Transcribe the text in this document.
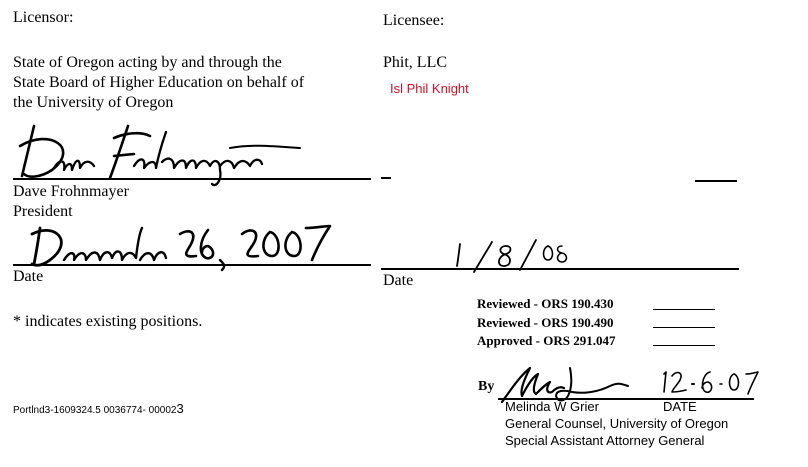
Licensor:
State of Oregon acting by and through the
State Board of Higher Education on behalf of
the University of Oregon
Dave Frohnmayer
President
Date
* indicates existing positions.
Portlnd3-1609324.5 0036774- 000023
Licensee:
Phit, LLC
Isl Phil Knight
Date
Reviewed - ORS 190.430
Reviewed - ORS 190.490
Approved - ORS 291.047
By
Melinda W Grier	DATE
General Counsel, University of Oregon
Special Assistant Attorney General
